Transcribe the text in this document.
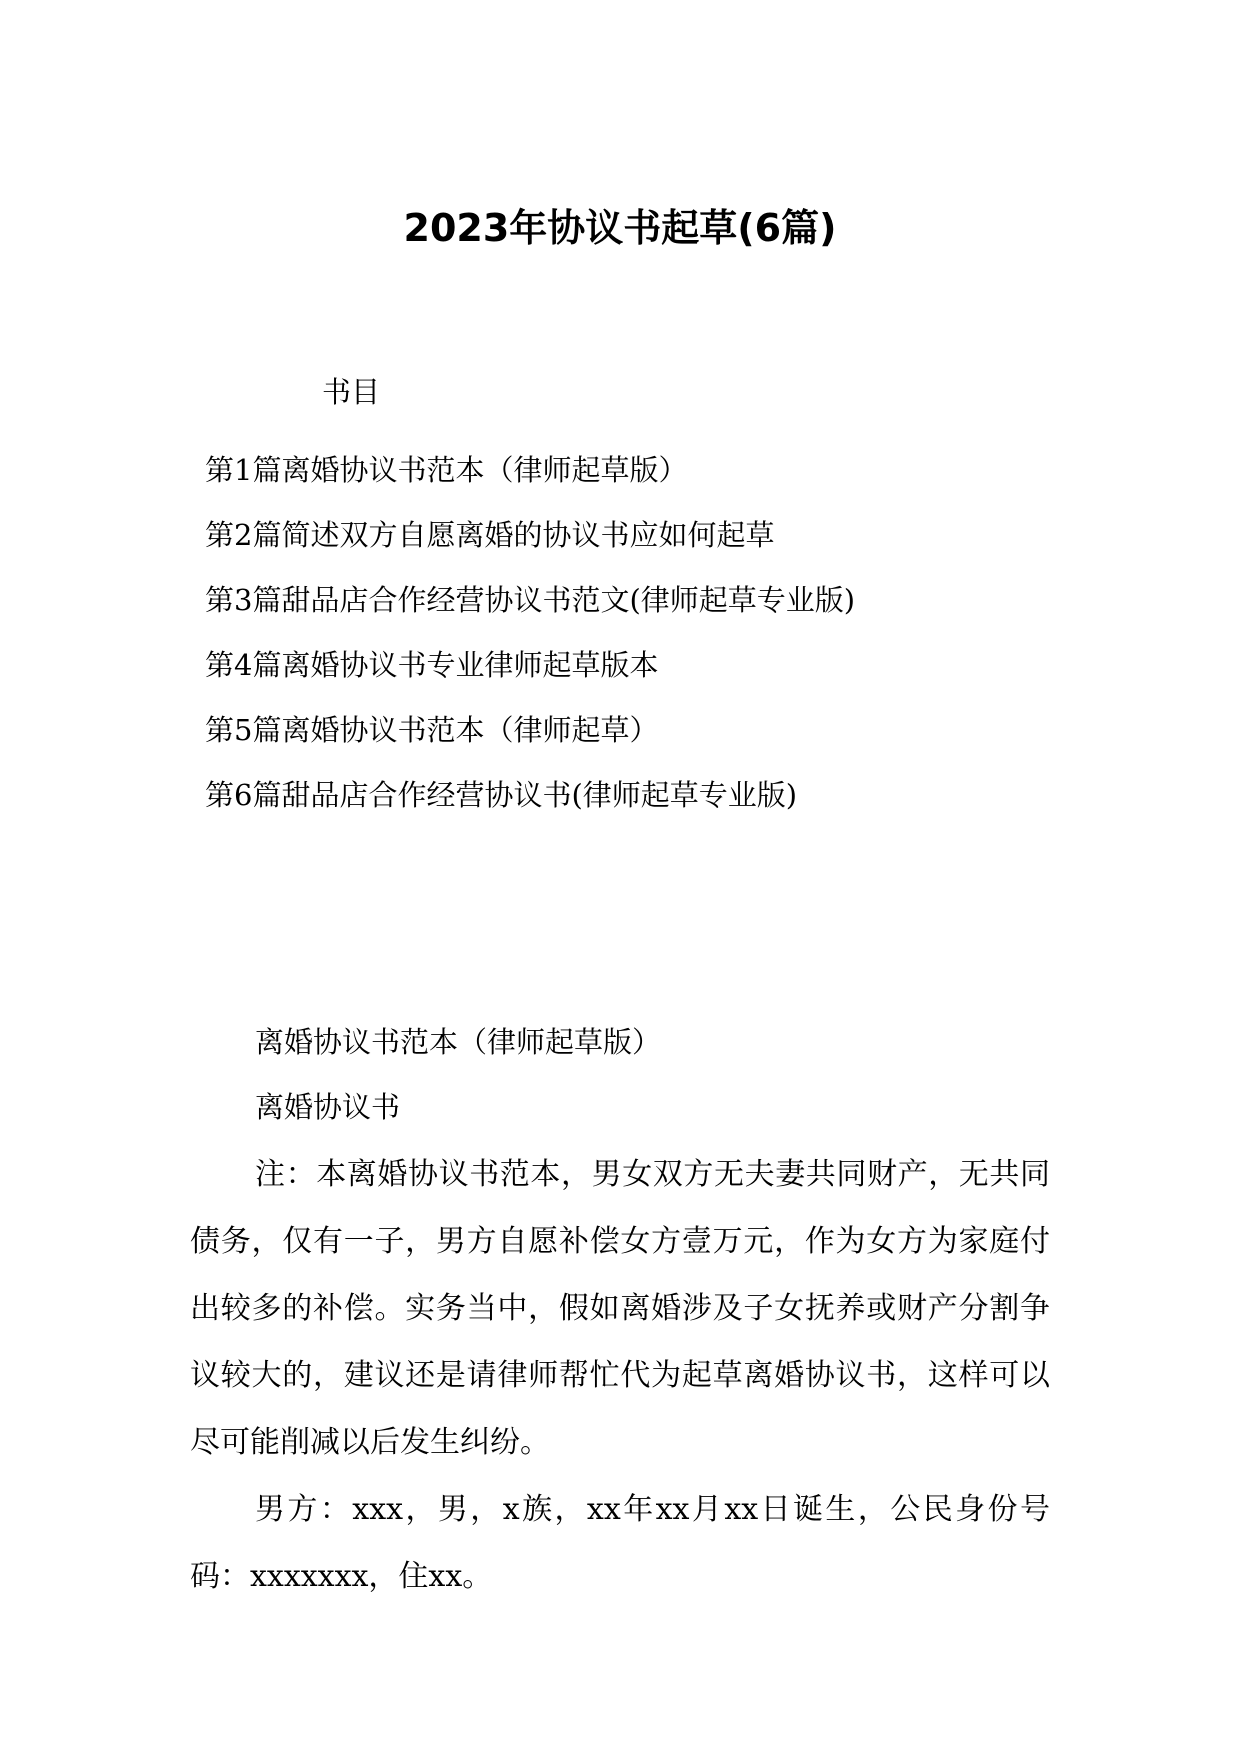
2023年协议书起草(6篇)
书目
第1篇离婚协议书范本（律师起草版）
第2篇简述双方自愿离婚的协议书应如何起草
第3篇甜品店合作经营协议书范文(律师起草专业版)
第4篇离婚协议书专业律师起草版本
第5篇离婚协议书范本（律师起草）
第6篇甜品店合作经营协议书(律师起草专业版)
离婚协议书范本（律师起草版）
离婚协议书

注：本离婚协议书范本，男女双方无夫妻共同财产，无共同债务，仅有一子，男方自愿补偿女方壹万元，作为女方为家庭付出较多的补偿。实务当中，假如离婚涉及子女抚养或财产分割争议较大的，建议还是请律师帮忙代为起草离婚协议书，这样可以尽可能削减以后发生纠纷。

男方：xxx，男，x族，xx年xx月xx日诞生，公民身份号码：xxxxxxx，住xx。
